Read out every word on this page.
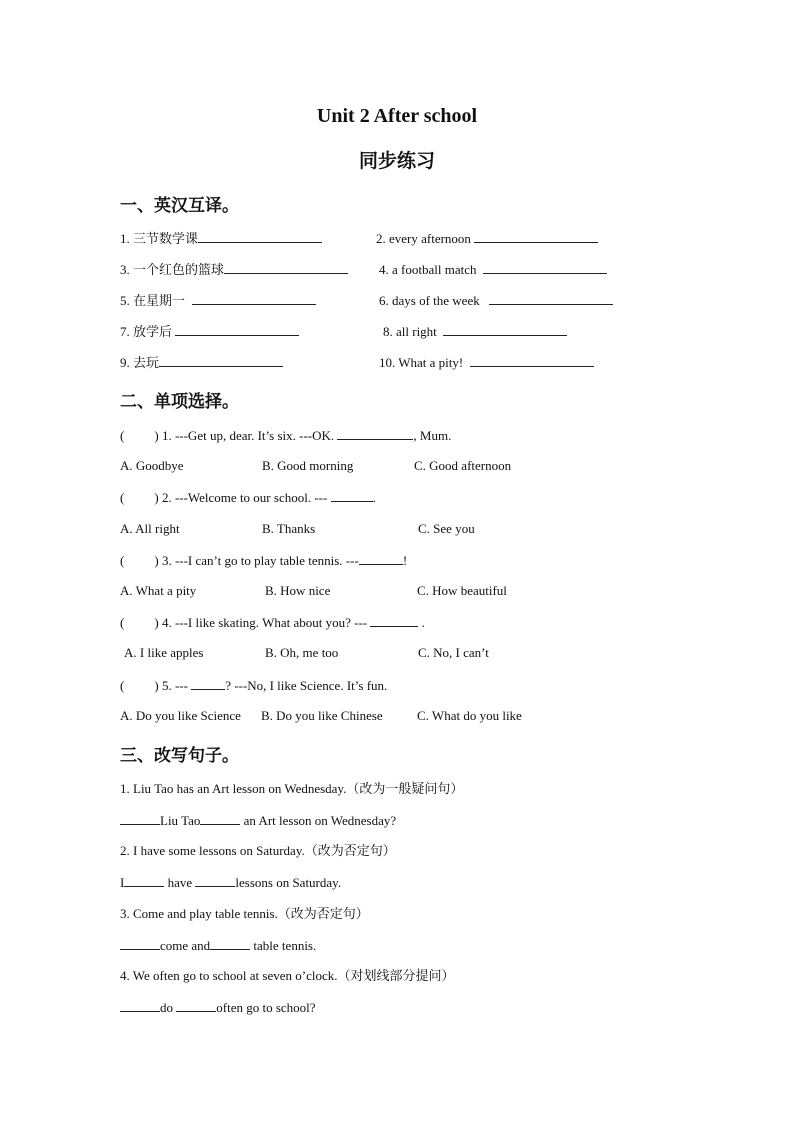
Unit 2 After school
同步练习
一、英汉互译。
1. 三节数学课	2. every afternoon
3. 一个红色的篮球	4. a football match
5. 在星期一	6. days of the week
7. 放学后	8. all right
9. 去玩	10. What a pity!
二、单项选择。
( ) 1. ---Get up, dear. It’s six. ---OK.	, Mum.
A. Goodbye	B. Good morning	C. Good afternoon
( ) 2. ---Welcome to our school. ---	.
A. All right	B. Thanks	C. See you
( ) 3. ---I can’t go to play table tennis. ---	!
A. What a pity	B. How nice	C. How beautiful
( ) 4. ---I like skating. What about you? ---	.
A. I like apples	B. Oh, me too	C. No, I can’t
( ) 5. ---	? ---No, I like Science. It’s fun.
A. Do you like Science B. Do you like Chinese	C. What do you like
三、改写句子。
1. Liu Tao has an Art lesson on Wednesday.（改为一般疑问句）
Liu Tao	an Art lesson on Wednesday?
2. I have some lessons on Saturday.（改为否定句）
I	have	lessons on Saturday.
3. Come and play table tennis.（改为否定句）
come and	table tennis.
4. We often go to school at seven o’clock.（对划线部分提问）
do	often go to school?
